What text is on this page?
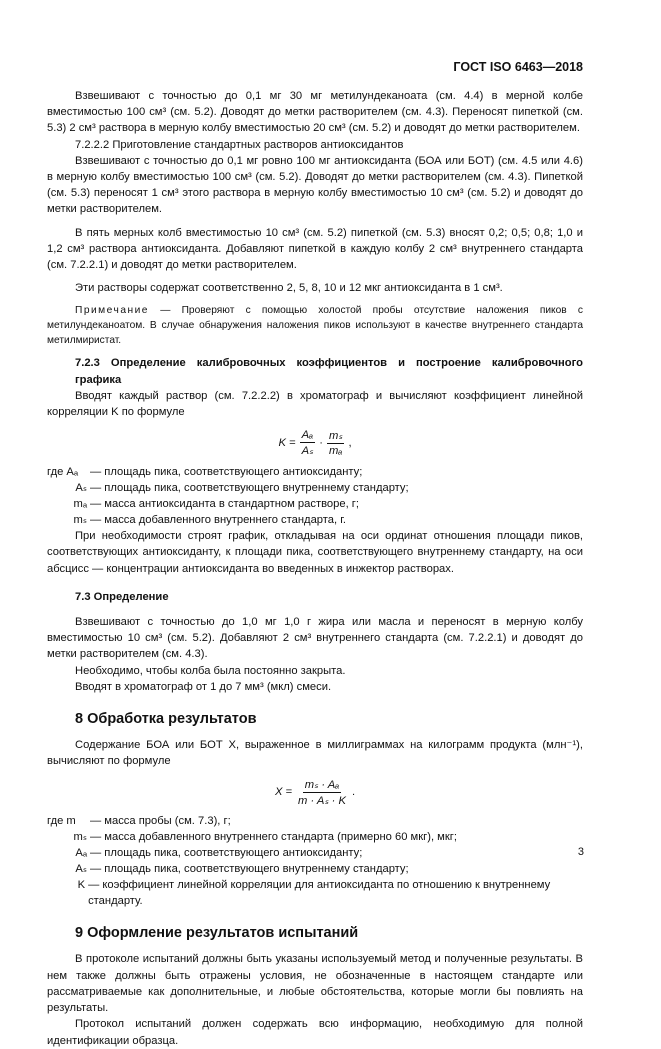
ГОСТ ISO 6463—2018

Взвешивают с точностью до 0,1 мг 30 мг метилундеканоата (см. 4.4) в мерной колбе вместимостью 100 см³ (см. 5.2). Доводят до метки растворителем (см. 4.3). Переносят пипеткой (см. 5.3) 2 см³ раствора в мерную колбу вместимостью 20 см³ (см. 5.2) и доводят до метки растворителем.

7.2.2.2 Приготовление стандартных растворов антиоксидантов

Взвешивают с точностью до 0,1 мг ровно 100 мг антиоксиданта (БОА или БОТ) (см. 4.5 или 4.6) в мерную колбу вместимостью 100 см³ (см. 5.2). Доводят до метки растворителем (см. 4.3). Пипеткой (см. 5.3) переносят 1 см³ этого раствора в мерную колбу вместимостью 10 см³ (см. 5.2) и доводят до метки растворителем.

В пять мерных колб вместимостью 10 см³ (см. 5.2) пипеткой (см. 5.3) вносят 0,2; 0,5; 0,8; 1,0 и 1,2 см³ раствора антиоксиданта. Добавляют пипеткой в каждую колбу 2 см³ внутреннего стандарта (см. 7.2.2.1) и доводят до метки растворителем.

Эти растворы содержат соответственно 2, 5, 8, 10 и 12 мкг антиоксиданта в 1 см³.

Примечание — Проверяют с помощью холостой пробы отсутствие наложения пиков с метилундеканоатом. В случае обнаружения наложения пиков используют в качестве внутреннего стандарта метилмиристат.

7.2.3 Определение калибровочных коэффициентов и построение калибровочного графика

Вводят каждый раствор (см. 7.2.2.2) в хроматограф и вычисляют коэффициент линейной корреляции K по формуле

$K = \frac{\text{Aₐ}}{\text{Aₛ}} \cdot \frac{\text{mₛ}}{\text{mₐ}}$ ,
где Aₐ	— площадь пика, соответствующего антиоксиданту;
Aₛ — площадь пика, соответствующего внутреннему стандарту;
mₐ — масса антиоксиданта в стандартном растворе, г;
mₛ — масса добавленного внутреннего стандарта, г.

При необходимости строят график, откладывая на оси ординат отношения площади пиков, соответствующих антиоксиданту, к площади пика, соответствующего внутреннему стандарту, на оси абсцисс — концентрации антиоксиданта во введенных в инжектор растворах.

7.3 Определение

Взвешивают с точностью до 1,0 мг 1,0 г жира или масла и переносят в мерную колбу вместимостью 10 см³ (см. 5.2). Добавляют 2 см³ внутреннего стандарта (см. 7.2.2.1) и доводят до метки растворителем (см. 4.3).

Необходимо, чтобы колба была постоянно закрыта.

Вводят в хроматограф от 1 до 7 мм³ (мкл) смеси.

8 Обработка результатов

Содержание БОА или БОТ X, выраженное в миллиграммах на килограмм продукта (млн⁻¹), вычисляют по формуле

$X = \frac{\text{mₛ · Aₐ}}{\text{m · Aₛ · K}}$ .
где m	— масса пробы (см. 7.3), г;
mₛ — масса добавленного внутреннего стандарта (примерно 60 мкг), мкг;
Aₐ — площадь пика, соответствующего антиоксиданту;
Aₛ — площадь пика, соответствующего внутреннему стандарту;
K — коэффициент линейной корреляции для антиоксиданта по отношению к внутреннему стандарту.
9 Оформление результатов испытаний

В протоколе испытаний должны быть указаны используемый метод и полученные результаты. В нем также должны быть отражены условия, не обозначенные в настоящем стандарте или рассматриваемые как дополнительные, и любые обстоятельства, которые могли бы повлиять на результаты.

Протокол испытаний должен содержать всю информацию, необходимую для полной идентификации образца.

3
